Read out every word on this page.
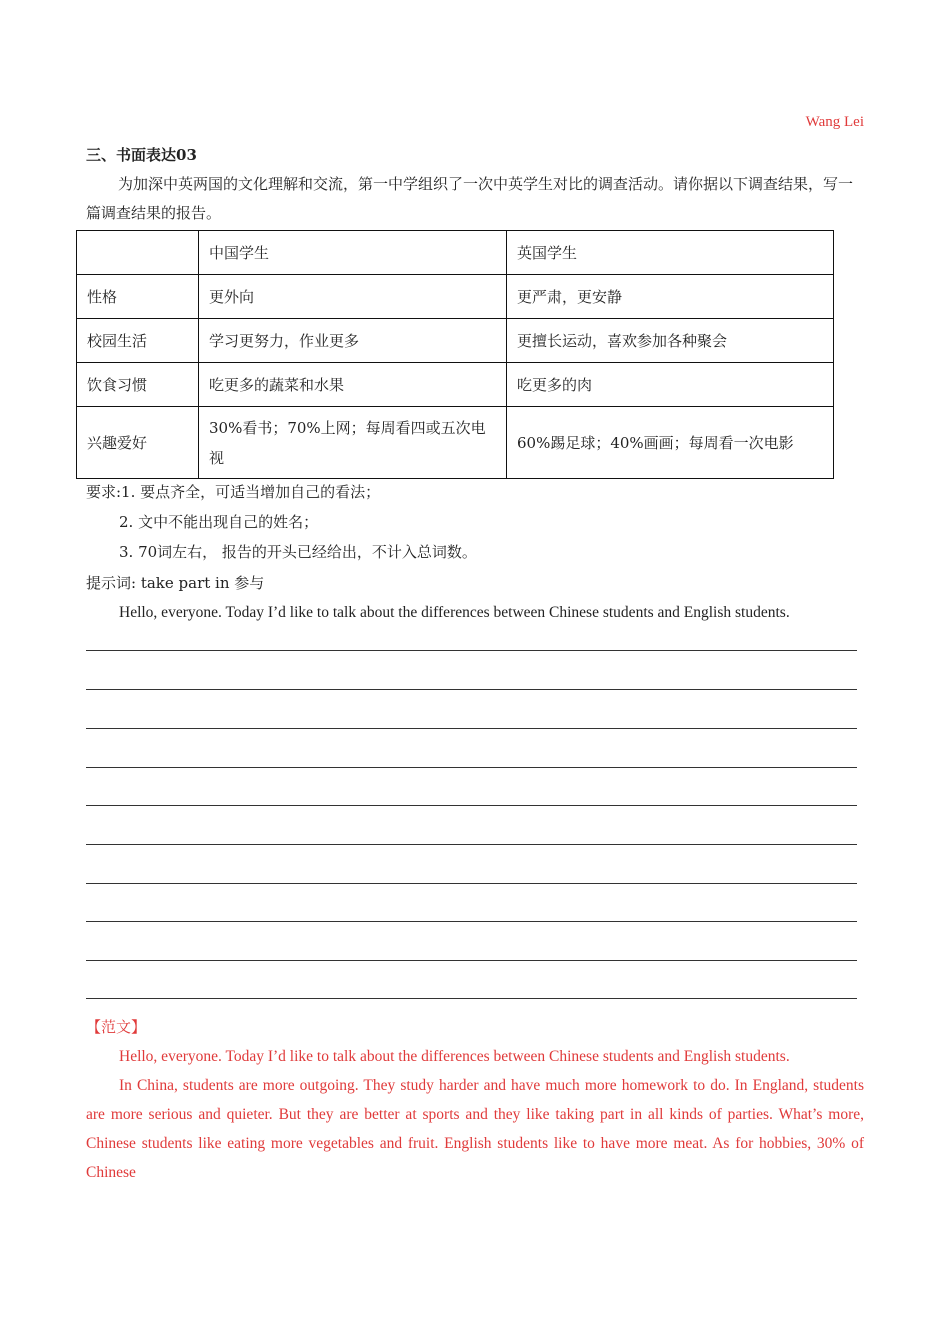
Wang Lei
三、书面表达03
为加深中英两国的文化理解和交流，第一中学组织了一次中英学生对比的调查活动。请你据以下调查结果，写一篇调查结果的报告。
	中国学生	英国学生
性格	更外向	更严肃，更安静
校园生活	学习更努力，作业更多	更擅长运动，喜欢参加各种聚会
饮食习惯	吃更多的蔬菜和水果	吃更多的肉
兴趣爱好	30%看书；70%上网；每周看四或五次电视	60%踢足球；40%画画；每周看一次电影
要求:1. 要点齐全，可适当增加自己的看法；
2. 文中不能出现自己的姓名；
3. 70词左右， 报告的开头已经给出，不计入总词数。
提示词: take part in 参与
Hello, everyone. Today I’d like to talk about the differences between Chinese students and English students.
【范文】
Hello, everyone. Today I’d like to talk about the differences between Chinese students and English students.
In China, students are more outgoing. They study harder and have much more homework to do. In England, students are more serious and quieter. But they are better at sports and they like taking part in all kinds of parties. What’s more, Chinese students like eating more vegetables and fruit. English students like to have more meat. As for hobbies, 30% of Chinese
